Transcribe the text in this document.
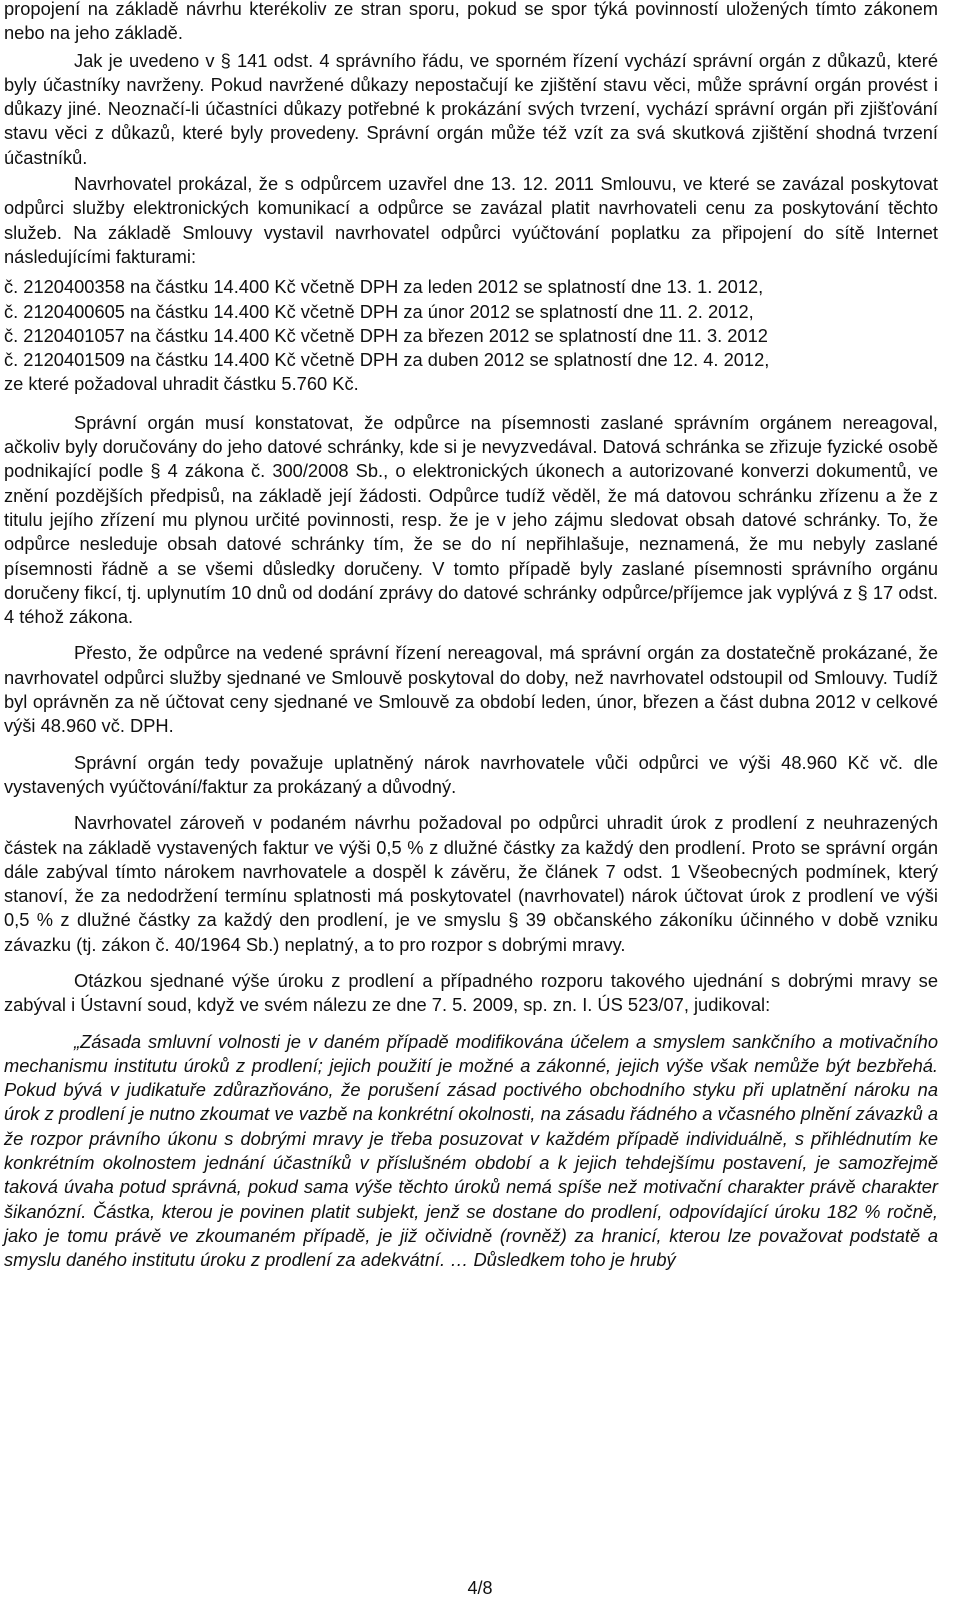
propojení na základě návrhu kterékoliv ze stran sporu, pokud se spor týká povinností uložených tímto zákonem nebo na jeho základě.

Jak je uvedeno v § 141 odst. 4 správního řádu, ve sporném řízení vychází správní orgán z důkazů, které byly účastníky navrženy. Pokud navržené důkazy nepostačují ke zjištění stavu věci, může správní orgán provést i důkazy jiné. Neoznačí-li účastníci důkazy potřebné k prokázání svých tvrzení, vychází správní orgán při zjišťování stavu věci z důkazů, které byly provedeny. Správní orgán může též vzít za svá skutková zjištění shodná tvrzení účastníků.

Navrhovatel prokázal, že s odpůrcem uzavřel dne 13. 12. 2011 Smlouvu, ve které se zavázal poskytovat odpůrci služby elektronických komunikací a odpůrce se zavázal platit navrhovateli cenu za poskytování těchto služeb. Na základě Smlouvy vystavil navrhovatel odpůrci vyúčtování poplatku za připojení do sítě Internet následujícími fakturami:

č. 2120400358 na částku 14.400 Kč včetně DPH za leden 2012 se splatností dne 13. 1. 2012,

č. 2120400605 na částku 14.400 Kč včetně DPH za únor 2012 se splatností dne 11. 2. 2012,

č. 2120401057 na částku 14.400 Kč včetně DPH za březen 2012 se splatností dne 11. 3. 2012

č. 2120401509 na částku 14.400 Kč včetně DPH za duben 2012 se splatností dne 12. 4. 2012,

ze které požadoval uhradit částku 5.760 Kč.

Správní orgán musí konstatovat, že odpůrce na písemnosti zaslané správním orgánem nereagoval, ačkoliv byly doručovány do jeho datové schránky, kde si je nevyzvedával. Datová schránka se zřizuje fyzické osobě podnikající podle § 4 zákona č. 300/2008 Sb., o elektronických úkonech a autorizované konverzi dokumentů, ve znění pozdějších předpisů, na základě její žádosti. Odpůrce tudíž věděl, že má datovou schránku zřízenu a že z titulu jejího zřízení mu plynou určité povinnosti, resp. že je v jeho zájmu sledovat obsah datové schránky. To, že odpůrce nesleduje obsah datové schránky tím, že se do ní nepřihlašuje, neznamená, že mu nebyly zaslané písemnosti řádně a se všemi důsledky doručeny. V tomto případě byly zaslané písemnosti správního orgánu doručeny fikcí, tj. uplynutím 10 dnů od dodání zprávy do datové schránky odpůrce/příjemce jak vyplývá z § 17 odst. 4 téhož zákona.

Přesto, že odpůrce na vedené správní řízení nereagoval, má správní orgán za dostatečně prokázané, že navrhovatel odpůrci služby sjednané ve Smlouvě poskytoval do doby, než navrhovatel odstoupil od Smlouvy. Tudíž byl oprávněn za ně účtovat ceny sjednané ve Smlouvě za období leden, únor, březen a část dubna 2012 v celkové výši 48.960 vč. DPH.

Správní orgán tedy považuje uplatněný nárok navrhovatele vůči odpůrci ve výši 48.960 Kč vč. dle vystavených vyúčtování/faktur za prokázaný a důvodný.

Navrhovatel zároveň v podaném návrhu požadoval po odpůrci uhradit úrok z prodlení z neuhrazených částek na základě vystavených faktur ve výši 0,5 % z dlužné částky za každý den prodlení. Proto se správní orgán dále zabýval tímto nárokem navrhovatele a dospěl k závěru, že článek 7 odst. 1 Všeobecných podmínek, který stanoví, že za nedodržení termínu splatnosti má poskytovatel (navrhovatel) nárok účtovat úrok z prodlení ve výši 0,5 % z dlužné částky za každý den prodlení, je ve smyslu § 39 občanského zákoníku účinného v době vzniku závazku (tj. zákon č. 40/1964 Sb.) neplatný, a to pro rozpor s dobrými mravy.

Otázkou sjednané výše úroku z prodlení a případného rozporu takového ujednání s dobrými mravy se zabýval i Ústavní soud, když ve svém nálezu ze dne 7. 5. 2009, sp. zn. I. ÚS 523/07, judikoval:

„Zásada smluvní volnosti je v daném případě modifikována účelem a smyslem sankčního a motivačního mechanismu institutu úroků z prodlení; jejich použití je možné a zákonné, jejich výše však nemůže být bezbřehá. Pokud bývá v judikatuře zdůrazňováno, že porušení zásad poctivého obchodního styku při uplatnění nároku na úrok z prodlení je nutno zkoumat ve vazbě na konkrétní okolnosti, na zásadu řádného a včasného plnění závazků a že rozpor právního úkonu s dobrými mravy je třeba posuzovat v každém případě individuálně, s přihlédnutím ke konkrétním okolnostem jednání účastníků v příslušném období a k jejich tehdejšímu postavení, je samozřejmě taková úvaha potud správná, pokud sama výše těchto úroků nemá spíše než motivační charakter právě charakter šikanózní. Částka, kterou je povinen platit subjekt, jenž se dostane do prodlení, odpovídající úroku 182 % ročně, jako je tomu právě ve zkoumaném případě, je již očividně (rovněž) za hranicí, kterou lze považovat podstatě a smyslu daného institutu úroku z prodlení za adekvátní. … Důsledkem toho je hrubý

4/8
